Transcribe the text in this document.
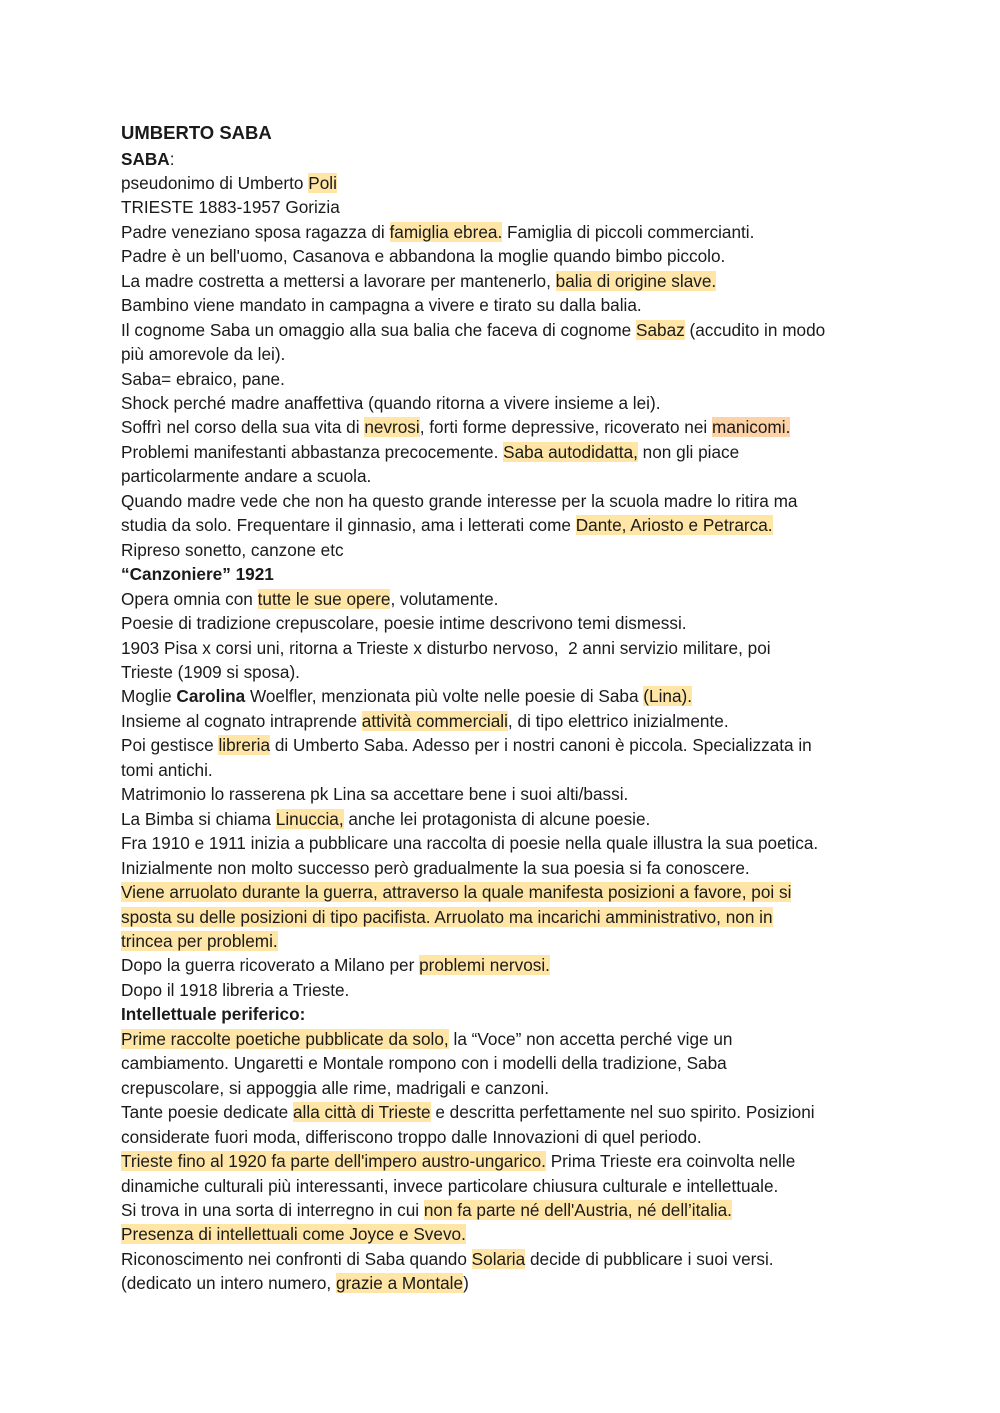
UMBERTO SABA
SABA:
pseudonimo di Umberto Poli
TRIESTE 1883-1957 Gorizia
Padre veneziano sposa ragazza di famiglia ebrea. Famiglia di piccoli commercianti.
Padre è un bell'uomo, Casanova e abbandona la moglie quando bimbo piccolo.
La madre costretta a mettersi a lavorare per mantenerlo, balia di origine slave.
Bambino viene mandato in campagna a vivere e tirato su dalla balia.
Il cognome Saba un omaggio alla sua balia che faceva di cognome Sabaz (accudito in modo
più amorevole da lei).
Saba= ebraico, pane.
Shock perché madre anaffettiva (quando ritorna a vivere insieme a lei).
Soffrì nel corso della sua vita di nevrosi, forti forme depressive, ricoverato nei manicomi.
Problemi manifestanti abbastanza precocemente. Saba autodidatta, non gli piace
particolarmente andare a scuola.
Quando madre vede che non ha questo grande interesse per la scuola madre lo ritira ma
studia da solo. Frequentare il ginnasio, ama i letterati come Dante, Ariosto e Petrarca.
Ripreso sonetto, canzone etc
“Canzoniere” 1921
Opera omnia con tutte le sue opere, volutamente.
Poesie di tradizione crepuscolare, poesie intime descrivono temi dismessi.
1903 Pisa x corsi uni, ritorna a Trieste x disturbo nervoso,  2 anni servizio militare, poi
Trieste (1909 si sposa).
Moglie Carolina Woelfler, menzionata più volte nelle poesie di Saba (Lina).
Insieme al cognato intraprende attività commerciali, di tipo elettrico inizialmente.
Poi gestisce libreria di Umberto Saba. Adesso per i nostri canoni è piccola. Specializzata in
tomi antichi.
Matrimonio lo rasserena pk Lina sa accettare bene i suoi alti/bassi.
La Bimba si chiama Linuccia, anche lei protagonista di alcune poesie.
Fra 1910 e 1911 inizia a pubblicare una raccolta di poesie nella quale illustra la sua poetica.
Inizialmente non molto successo però gradualmente la sua poesia si fa conoscere.
Viene arruolato durante la guerra, attraverso la quale manifesta posizioni a favore, poi si
sposta su delle posizioni di tipo pacifista. Arruolato ma incarichi amministrativo, non in
trincea per problemi.
Dopo la guerra ricoverato a Milano per problemi nervosi.
Dopo il 1918 libreria a Trieste.
Intellettuale periferico:
Prime raccolte poetiche pubblicate da solo, la “Voce” non accetta perché vige un
cambiamento. Ungaretti e Montale rompono con i modelli della tradizione, Saba
crepuscolare, si appoggia alle rime, madrigali e canzoni.
Tante poesie dedicate alla città di Trieste e descritta perfettamente nel suo spirito. Posizioni
considerate fuori moda, differiscono troppo dalle Innovazioni di quel periodo.
Trieste fino al 1920 fa parte dell'impero austro-ungarico. Prima Trieste era coinvolta nelle
dinamiche culturali più interessanti, invece particolare chiusura culturale e intellettuale.
Si trova in una sorta di interregno in cui non fa parte né dell'Austria, né dell’italia.
Presenza di intellettuali come Joyce e Svevo.
Riconoscimento nei confronti di Saba quando Solaria decide di pubblicare i suoi versi.
(dedicato un intero numero, grazie a Montale)
